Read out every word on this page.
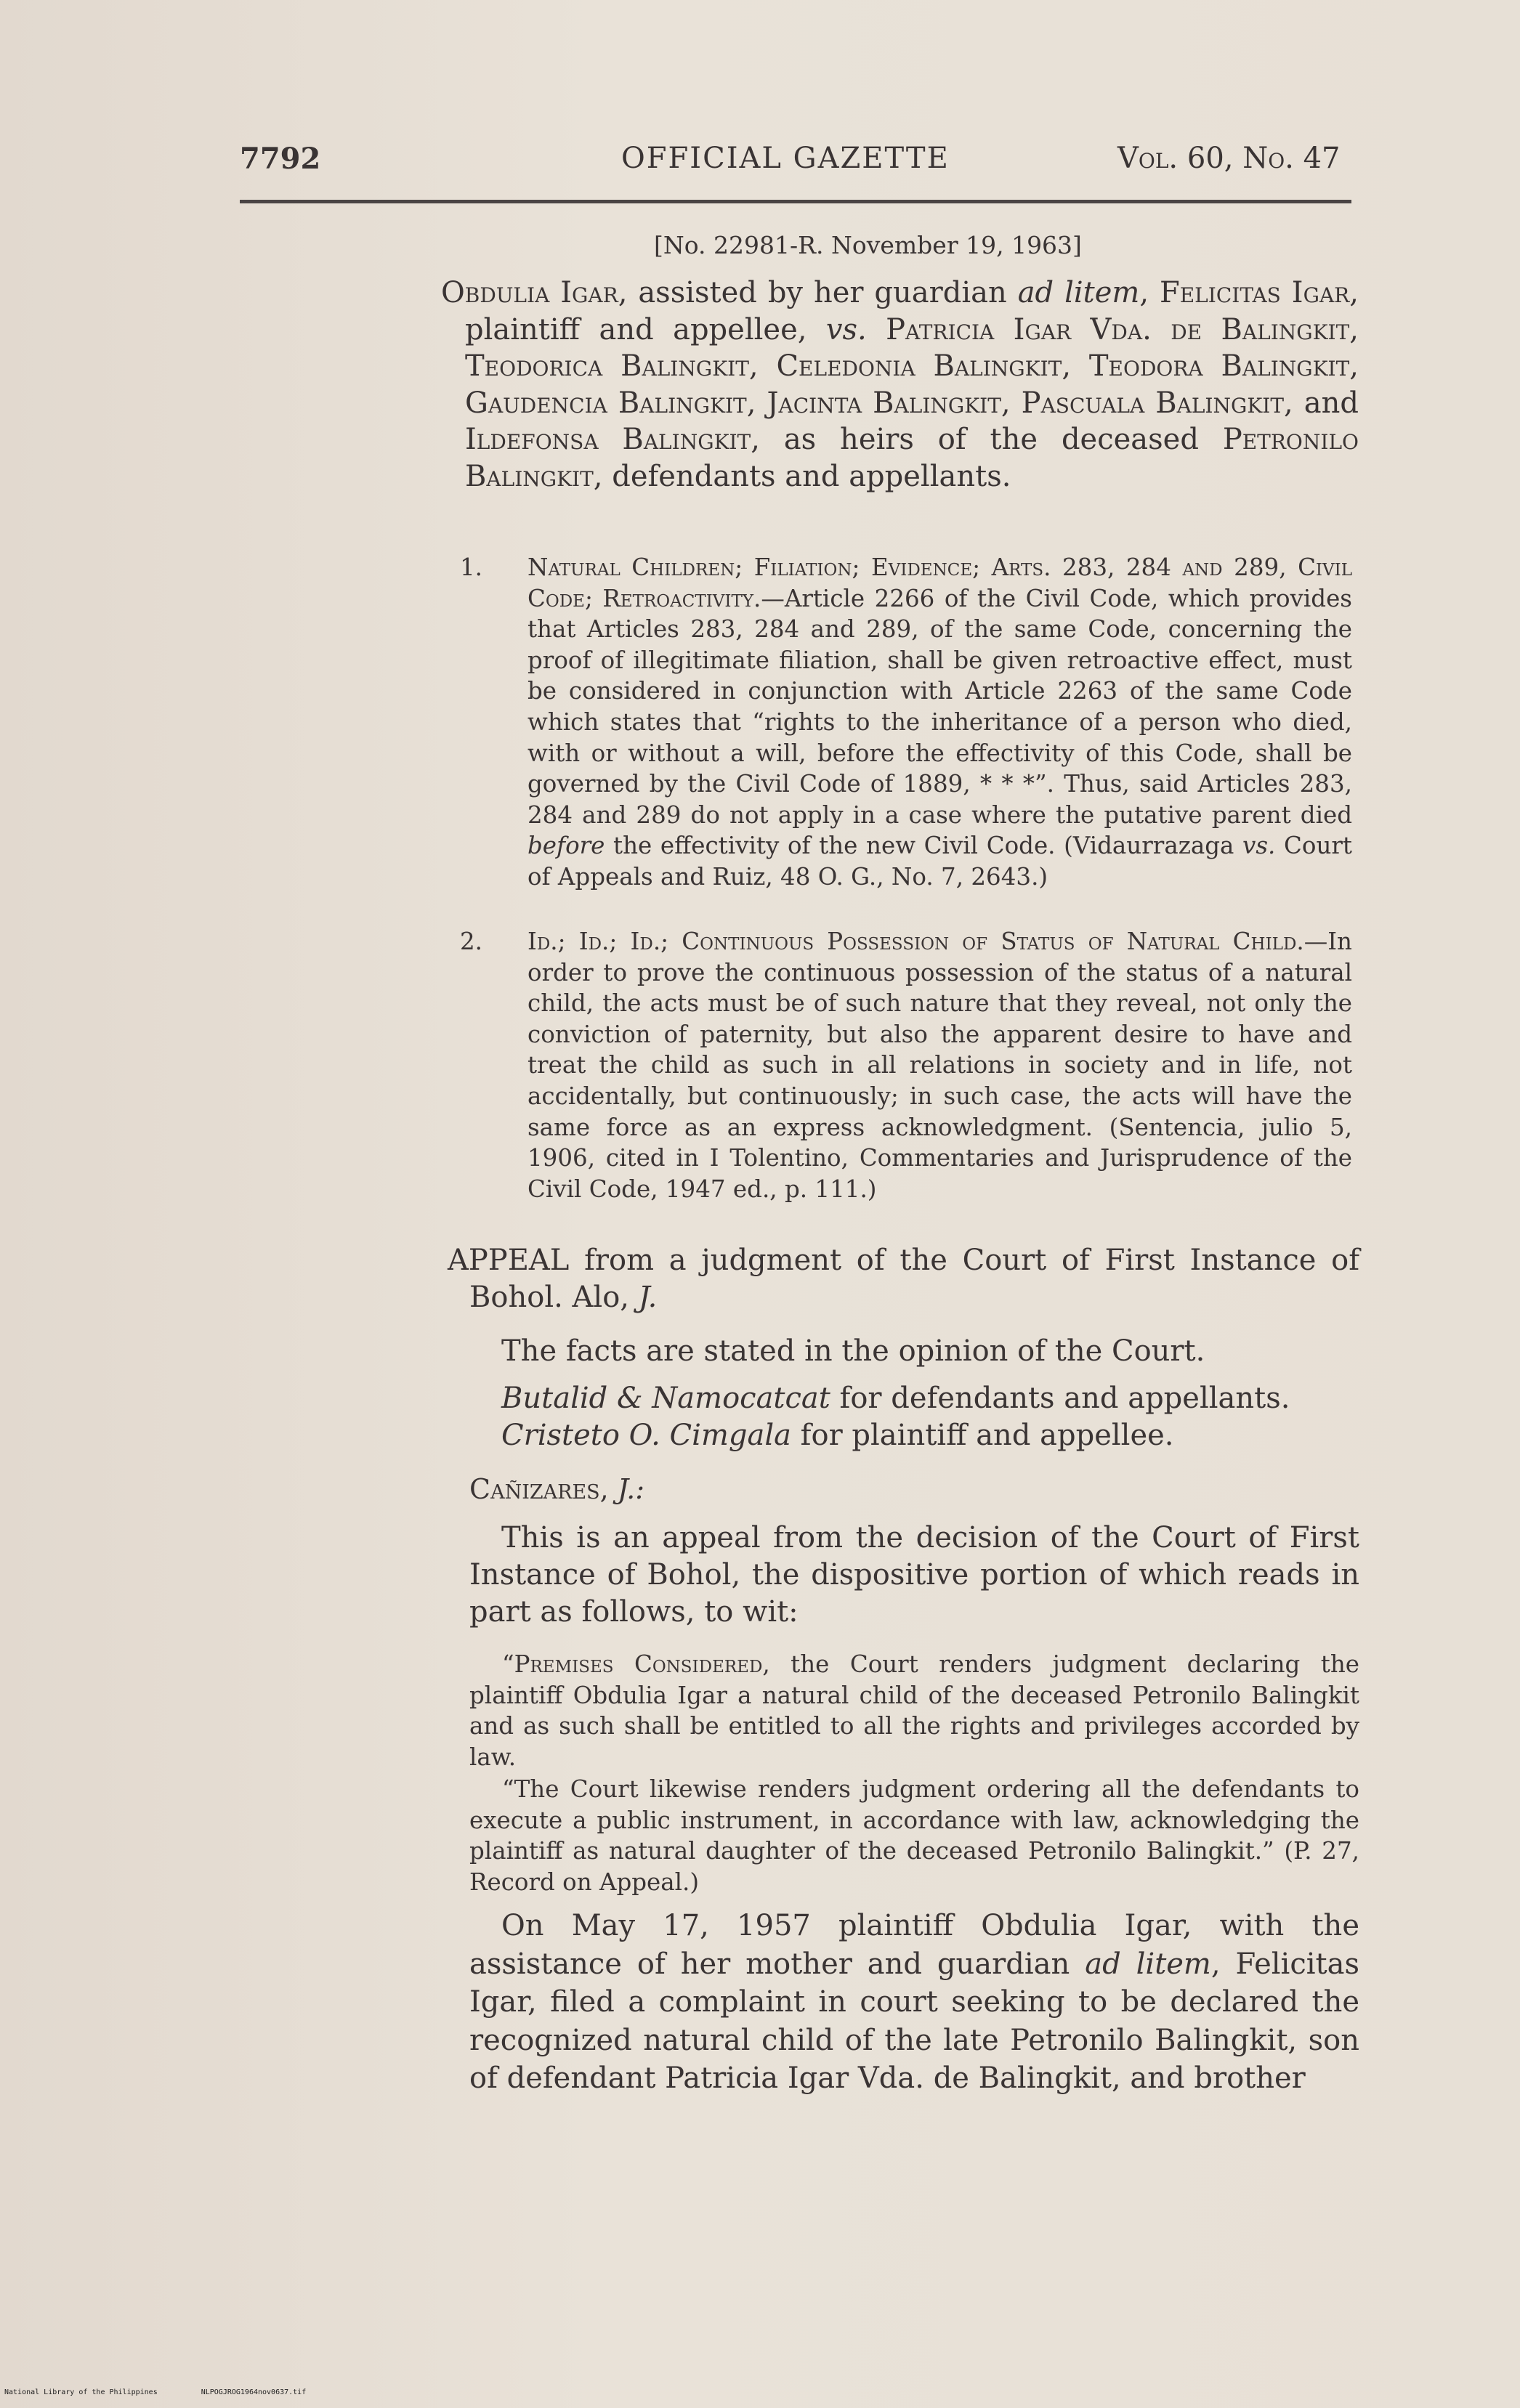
7792	OFFICIAL GAZETTE	Vol. 60, No. 47
[No. 22981-R. November 19, 1963]
Obdulia Igar, assisted by her guardian ad litem, Felicitas Igar, plaintiff and appellee, vs. Patricia Igar Vda. de Balingkit, Teodorica Balingkit, Celedonia Balingkit, Teodora Balingkit, Gaudencia Balingkit, Jacinta Balingkit, Pascuala Balingkit, and Ildefonsa Balingkit, as heirs of the deceased Petronilo Balingkit, defendants and appellants.
1. Natural Children; Filiation; Evidence; Arts. 283, 284 and 289, Civil Code; Retroactivity.—Article 2266 of the Civil Code, which provides that Articles 283, 284 and 289, of the same Code, concerning the proof of illegitimate filiation, shall be given retroactive effect, must be considered in conjunction with Article 2263 of the same Code which states that “rights to the inheritance of a person who died, with or without a will, before the effectivity of this Code, shall be governed by the Civil Code of 1889, * * *”. Thus, said Articles 283, 284 and 289 do not apply in a case where the putative parent died before the effectivity of the new Civil Code. (Vidaurrazaga vs. Court of Appeals and Ruiz, 48 O. G., No. 7, 2643.)
2. Id.; Id.; Id.; Continuous Possession of Status of Natural Child.—In order to prove the continuous possession of the status of a natural child, the acts must be of such nature that they reveal, not only the conviction of paternity, but also the apparent desire to have and treat the child as such in all relations in society and in life, not accidentally, but continuously; in such case, the acts will have the same force as an express acknowledgment. (Sentencia, julio 5, 1906, cited in I Tolentino, Commentaries and Jurisprudence of the Civil Code, 1947 ed., p. 111.)
APPEAL from a judgment of the Court of First Instance of Bohol. Alo, J.
The facts are stated in the opinion of the Court.
Butalid & Namocatcat for defendants and appellants.
Cristeto O. Cimgala for plaintiff and appellee.
Cañizares, J.:
This is an appeal from the decision of the Court of First Instance of Bohol, the dispositive portion of which reads in part as follows, to wit:
“Premises Considered, the Court renders judgment declaring the plaintiff Obdulia Igar a natural child of the deceased Petronilo Balingkit and as such shall be entitled to all the rights and privileges accorded by law.
“The Court likewise renders judgment ordering all the defendants to execute a public instrument, in accordance with law, acknowledging the plaintiff as natural daughter of the deceased Petronilo Balingkit.” (P. 27, Record on Appeal.)
On May 17, 1957 plaintiff Obdulia Igar, with the assistance of her mother and guardian ad litem, Felicitas Igar, filed a complaint in court seeking to be declared the recognized natural child of the late Petronilo Balingkit, son of defendant Patricia Igar Vda. de Balingkit, and brother
National Library of the Philippines	NLPOGJROG1964nov0637.tif
